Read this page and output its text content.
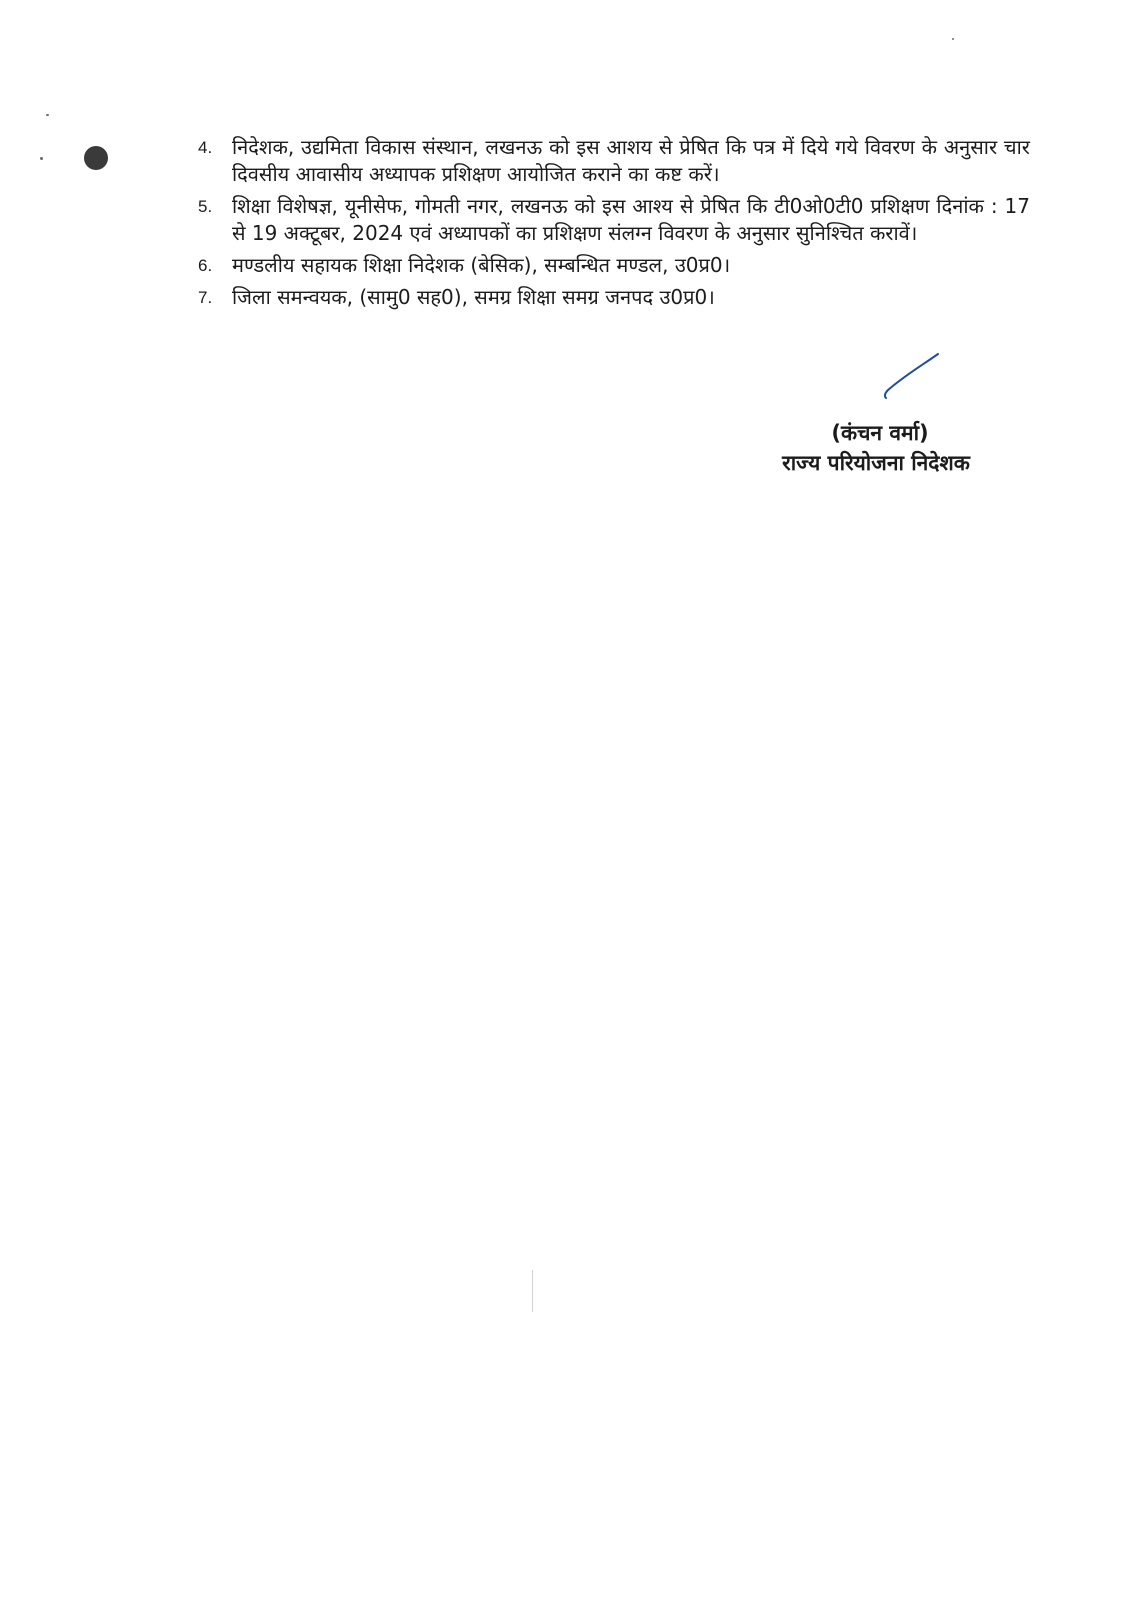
4. निदेशक, उद्यमिता विकास संस्थान, लखनऊ को इस आशय से प्रेषित कि पत्र में दिये गये विवरण के अनुसार चार दिवसीय आवासीय अध्यापक प्रशिक्षण आयोजित कराने का कष्ट करें।
5. शिक्षा विशेषज्ञ, यूनीसेफ, गोमती नगर, लखनऊ को इस आश्य से प्रेषित कि टी0ओ0टी0 प्रशिक्षण दिनांक : 17 से 19 अक्टूबर, 2024 एवं अध्यापकों का प्रशिक्षण संलग्न विवरण के अनुसार सुनिश्चित करावें।
6. मण्डलीय सहायक शिक्षा निदेशक (बेसिक), सम्बन्धित मण्डल, उ0प्र0।
7. जिला समन्वयक, (सामु0 सह0), समग्र शिक्षा समग्र जनपद उ0प्र0।
(कंचन वर्मा)
राज्य परियोजना निदेशक
